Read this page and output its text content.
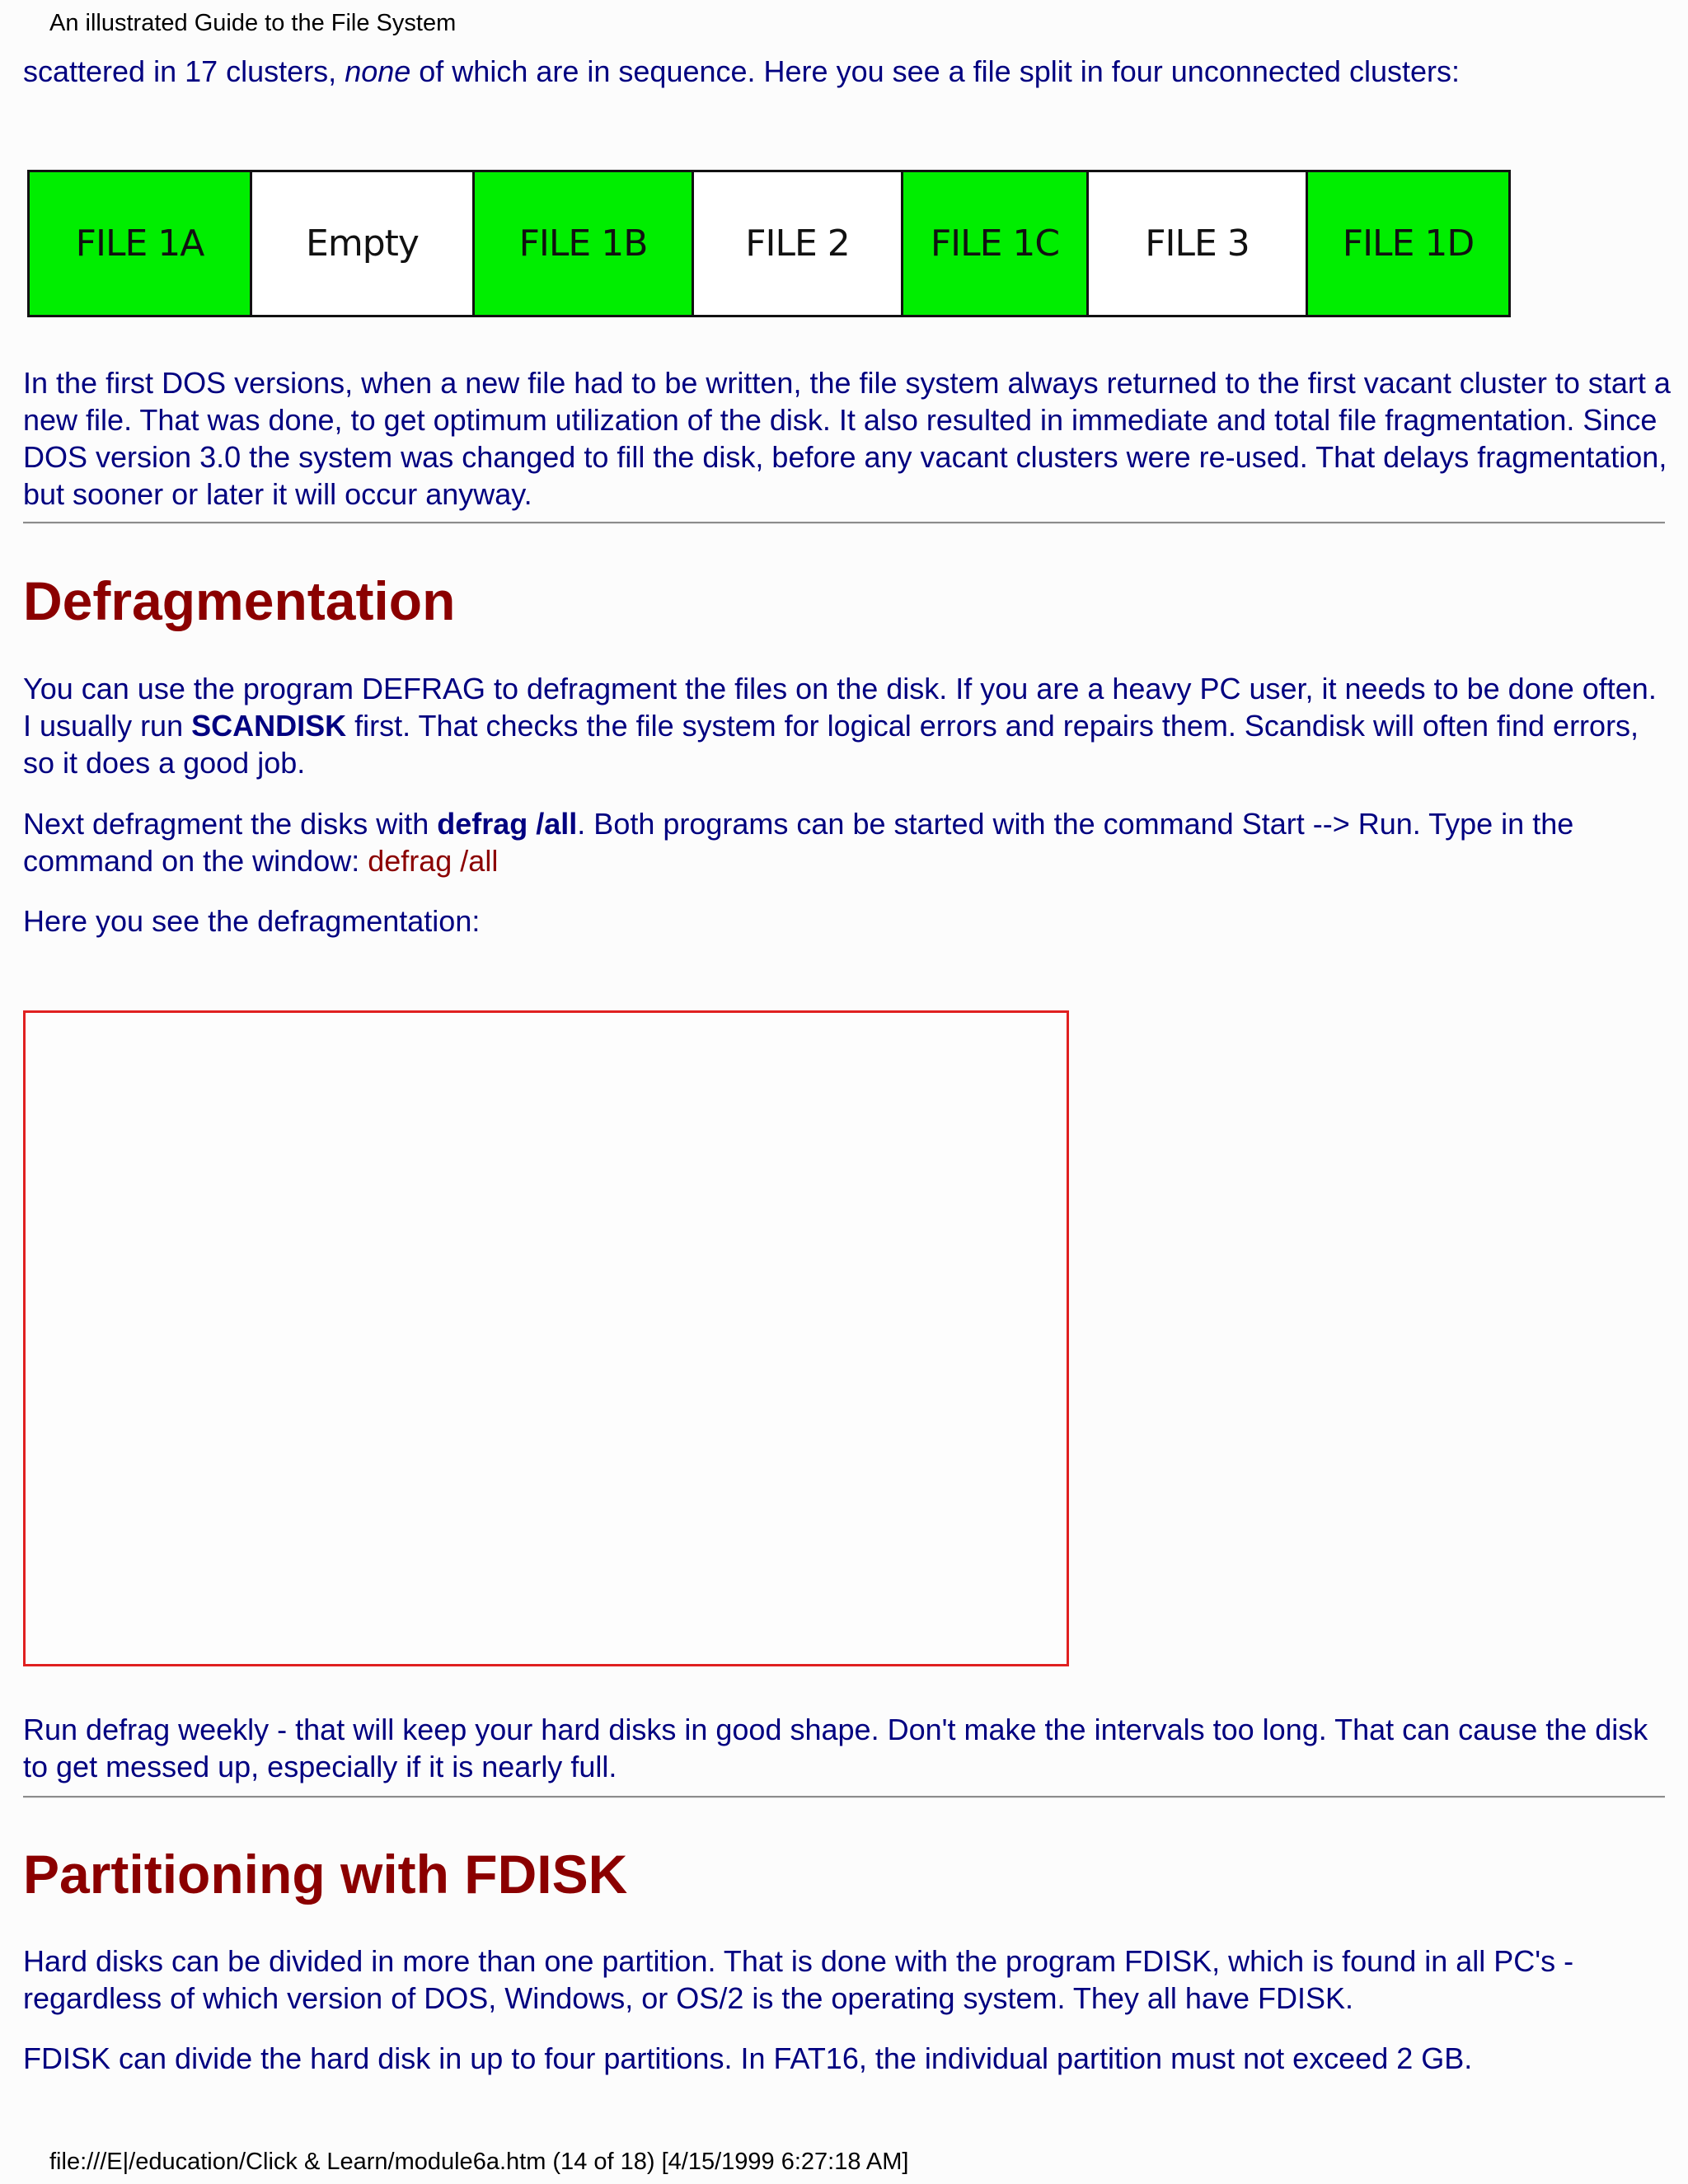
An illustrated Guide to the File System

scattered in 17 clusters, none of which are in sequence. Here you see a file split in four unconnected clusters:

FILE 1A	Empty	FILE 1B	FILE 2	FILE 1C	FILE 3	FILE 1D

In the first DOS versions, when a new file had to be written, the file system always returned to the first vacant cluster to start a new file. That was done, to get optimum utilization of the disk. It also resulted in immediate and total file fragmentation. Since DOS version 3.0 the system was changed to fill the disk, before any vacant clusters were re-used. That delays fragmentation, but sooner or later it will occur anyway.

Defragmentation

You can use the program DEFRAG to defragment the files on the disk. If you are a heavy PC user, it needs to be done often. I usually run SCANDISK first. That checks the file system for logical errors and repairs them. Scandisk will often find errors, so it does a good job.

Next defragment the disks with defrag /all. Both programs can be started with the command Start --> Run. Type in the command on the window: defrag /all

Here you see the defragmentation:

Run defrag weekly - that will keep your hard disks in good shape. Don't make the intervals too long. That can cause the disk to get messed up, especially if it is nearly full.

Partitioning with FDISK

Hard disks can be divided in more than one partition. That is done with the program FDISK, which is found in all PC's - regardless of which version of DOS, Windows, or OS/2 is the operating system. They all have FDISK.

FDISK can divide the hard disk in up to four partitions. In FAT16, the individual partition must not exceed 2 GB.

file:///E|/education/Click & Learn/module6a.htm (14 of 18) [4/15/1999 6:27:18 AM]
